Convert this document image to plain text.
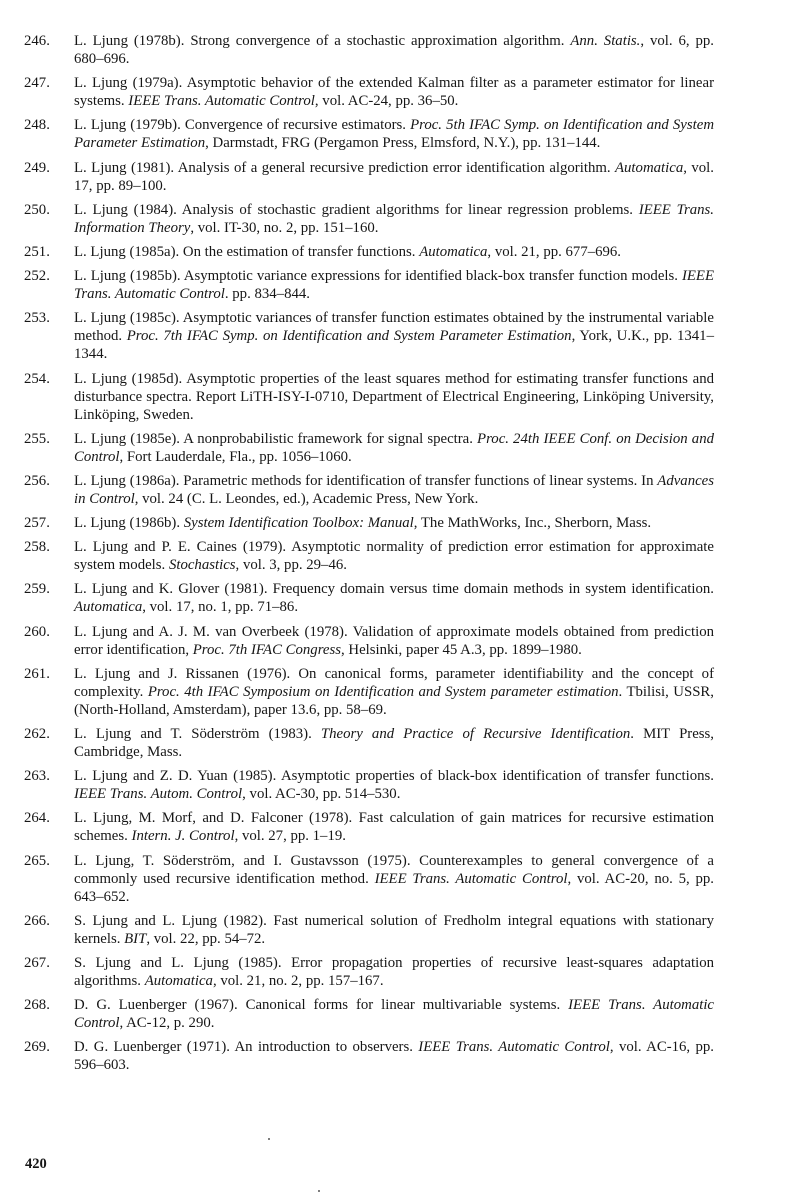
246.	L. Ljung (1978b). Strong convergence of a stochastic approximation algorithm. Ann. Statis., vol. 6, pp. 680–696.
247.	L. Ljung (1979a). Asymptotic behavior of the extended Kalman filter as a parameter estimator for linear systems. IEEE Trans. Automatic Control, vol. AC-24, pp. 36–50.
248.	L. Ljung (1979b). Convergence of recursive estimators. Proc. 5th IFAC Symp. on Identification and System Parameter Estimation, Darmstadt, FRG (Pergamon Press, Elmsford, N.Y.), pp. 131–144.
249.	L. Ljung (1981). Analysis of a general recursive prediction error identification algorithm. Automatica, vol. 17, pp. 89–100.
250.	L. Ljung (1984). Analysis of stochastic gradient algorithms for linear regression problems. IEEE Trans. Information Theory, vol. IT-30, no. 2, pp. 151–160.
251.	L. Ljung (1985a). On the estimation of transfer functions. Automatica, vol. 21, pp. 677–696.
252.	L. Ljung (1985b). Asymptotic variance expressions for identified black-box transfer function models. IEEE Trans. Automatic Control. pp. 834–844.
253.	L. Ljung (1985c). Asymptotic variances of transfer function estimates obtained by the instrumental variable method. Proc. 7th IFAC Symp. on Identification and System Parameter Estimation, York, U.K., pp. 1341–1344.
254.	L. Ljung (1985d). Asymptotic properties of the least squares method for estimating transfer functions and disturbance spectra. Report LiTH-ISY-I-0710, Department of Electrical Engineering, Linköping University, Linköping, Sweden.
255.	L. Ljung (1985e). A nonprobabilistic framework for signal spectra. Proc. 24th IEEE Conf. on Decision and Control, Fort Lauderdale, Fla., pp. 1056–1060.
256.	L. Ljung (1986a). Parametric methods for identification of transfer functions of linear systems. In Advances in Control, vol. 24 (C. L. Leondes, ed.), Academic Press, New York.
257.	L. Ljung (1986b). System Identification Toolbox: Manual, The MathWorks, Inc., Sherborn, Mass.
258.	L. Ljung and P. E. Caines (1979). Asymptotic normality of prediction error estimation for approximate system models. Stochastics, vol. 3, pp. 29–46.
259.	L. Ljung and K. Glover (1981). Frequency domain versus time domain methods in system identification. Automatica, vol. 17, no. 1, pp. 71–86.
260.	L. Ljung and A. J. M. van Overbeek (1978). Validation of approximate models obtained from prediction error identification, Proc. 7th IFAC Congress, Helsinki, paper 45 A.3, pp. 1899–1980.
261.	L. Ljung and J. Rissanen (1976). On canonical forms, parameter identifiability and the concept of complexity. Proc. 4th IFAC Symposium on Identification and System parameter estimation. Tbilisi, USSR, (North-Holland, Amsterdam), paper 13.6, pp. 58–69.
262.	L. Ljung and T. Söderström (1983). Theory and Practice of Recursive Identification. MIT Press, Cambridge, Mass.
263.	L. Ljung and Z. D. Yuan (1985). Asymptotic properties of black-box identification of transfer functions. IEEE Trans. Autom. Control, vol. AC-30, pp. 514–530.
264.	L. Ljung, M. Morf, and D. Falconer (1978). Fast calculation of gain matrices for recursive estimation schemes. Intern. J. Control, vol. 27, pp. 1–19.
265.	L. Ljung, T. Söderström, and I. Gustavsson (1975). Counterexamples to general convergence of a commonly used recursive identification method. IEEE Trans. Automatic Control, vol. AC-20, no. 5, pp. 643–652.
266.	S. Ljung and L. Ljung (1982). Fast numerical solution of Fredholm integral equations with stationary kernels. BIT, vol. 22, pp. 54–72.
267.	S. Ljung and L. Ljung (1985). Error propagation properties of recursive least-squares adaptation algorithms. Automatica, vol. 21, no. 2, pp. 157–167.
268.	D. G. Luenberger (1967). Canonical forms for linear multivariable systems. IEEE Trans. Automatic Control, AC-12, p. 290.
269.	D. G. Luenberger (1971). An introduction to observers. IEEE Trans. Automatic Control, vol. AC-16, pp. 596–603.
420
